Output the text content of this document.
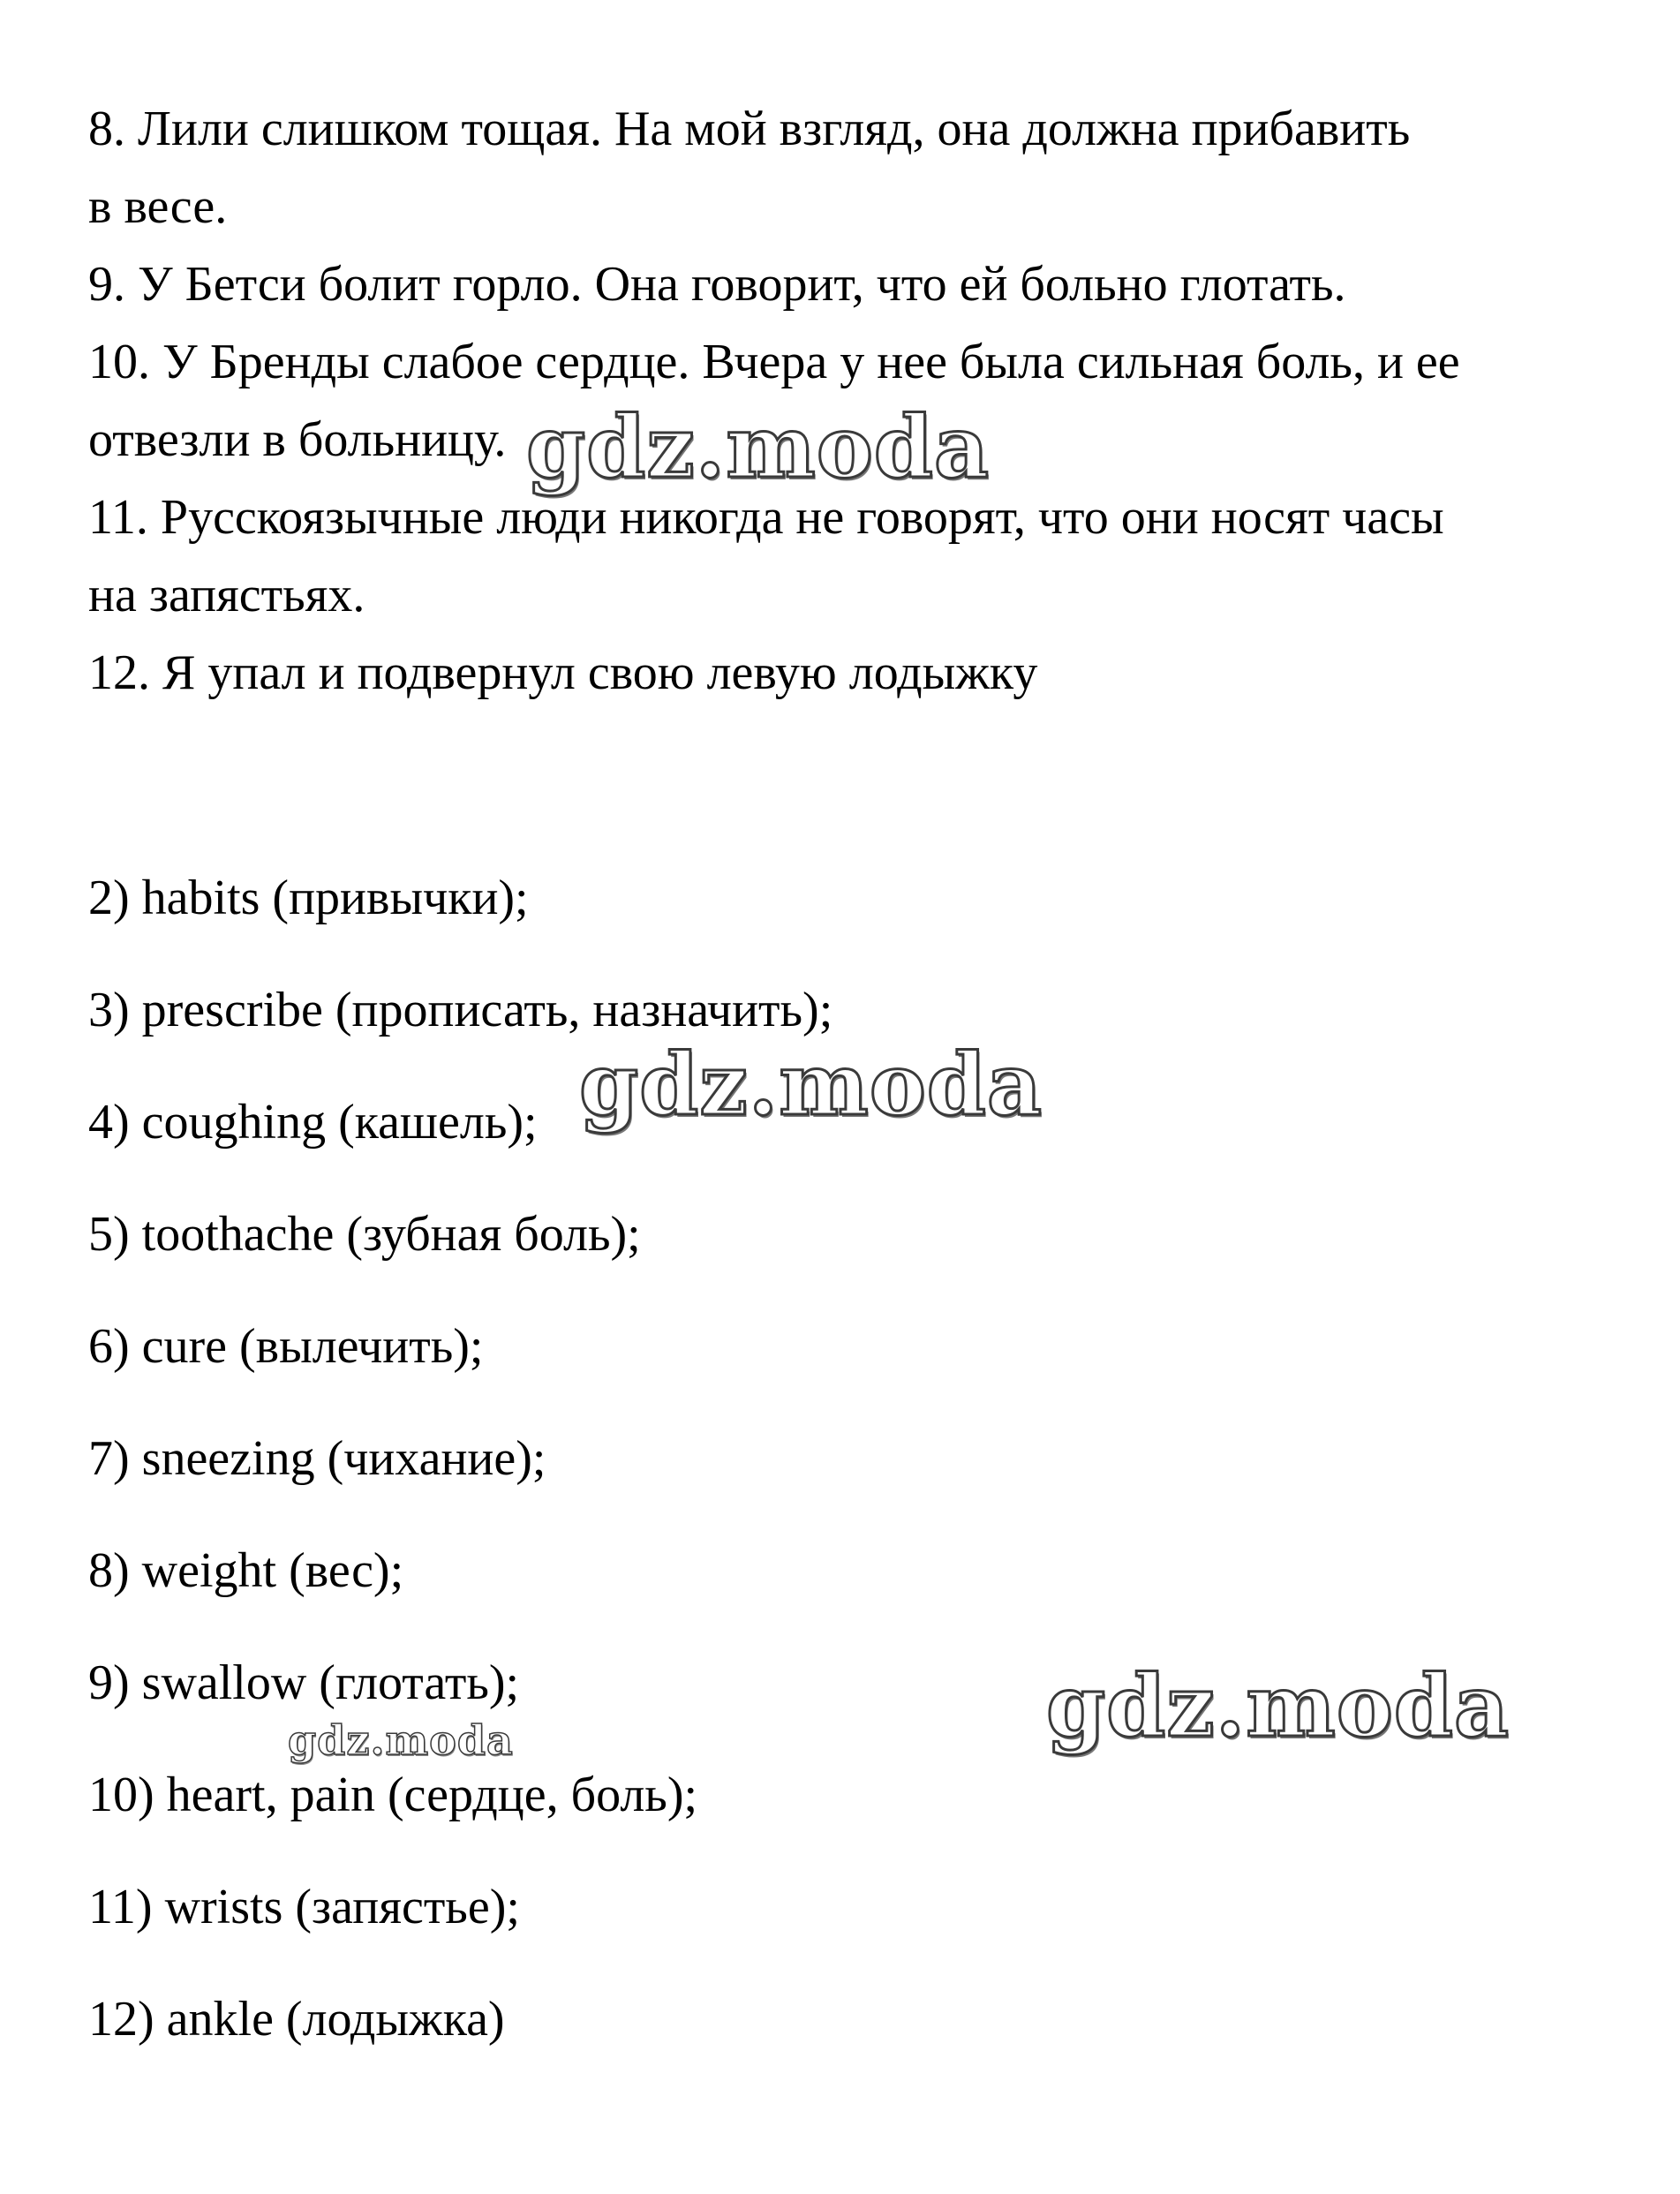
8. Лили слишком тощая. На мой взгляд, она должна прибавить
в весе.
9. У Бетси болит горло. Она говорит, что ей больно глотать.
10. У Бренды слабое сердце. Вчера у нее была сильная боль, и ее
отвезли в больницу.
11. Русскоязычные люди никогда не говорят, что они носят часы
на запястьях.
12. Я упал и подвернул свою левую лодыжку
2) habits (привычки);
3) prescribe (прописать, назначить);
4) coughing (кашель);
5) toothache (зубная боль);
6) cure (вылечить);
7) sneezing (чихание);
8) weight (вес);
9) swallow (глотать);
10) heart, pain (сердце, боль);
11) wrists (запястье);
12) ankle (лодыжка)
gdz.moda
gdz.moda
gdz.moda
gdz.moda
